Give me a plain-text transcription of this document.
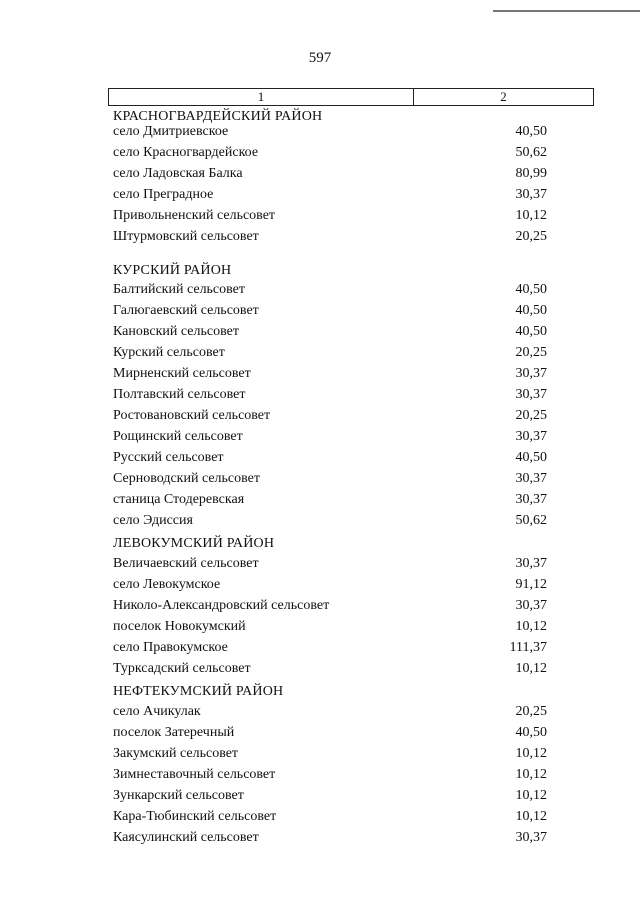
597
1	2
КРАСНОГВАРДЕЙСКИЙ РАЙОН
село Дмитриевское	40,50
село Красногвардейское	50,62
село Ладовская Балка	80,99
село Преградное	30,37
Привольненский сельсовет	10,12
Штурмовский сельсовет	20,25
КУРСКИЙ РАЙОН
Балтийский сельсовет	40,50
Галюгаевский сельсовет	40,50
Кановский сельсовет	40,50
Курский сельсовет	20,25
Мирненский сельсовет	30,37
Полтавский сельсовет	30,37
Ростовановский сельсовет	20,25
Рощинский сельсовет	30,37
Русский сельсовет	40,50
Серноводский сельсовет	30,37
станица Стодеревская	30,37
село Эдиссия	50,62
ЛЕВОКУМСКИЙ РАЙОН
Величаевский сельсовет	30,37
село Левокумское	91,12
Николо-Александровский сельсовет	30,37
поселок Новокумский	10,12
село Правокумское	111,37
Турксадский сельсовет	10,12
НЕФТЕКУМСКИЙ РАЙОН
село Ачикулак	20,25
поселок Затеречный	40,50
Закумский сельсовет	10,12
Зимнеставочный сельсовет	10,12
Зункарский сельсовет	10,12
Кара-Тюбинский сельсовет	10,12
Каясулинский сельсовет	30,37
